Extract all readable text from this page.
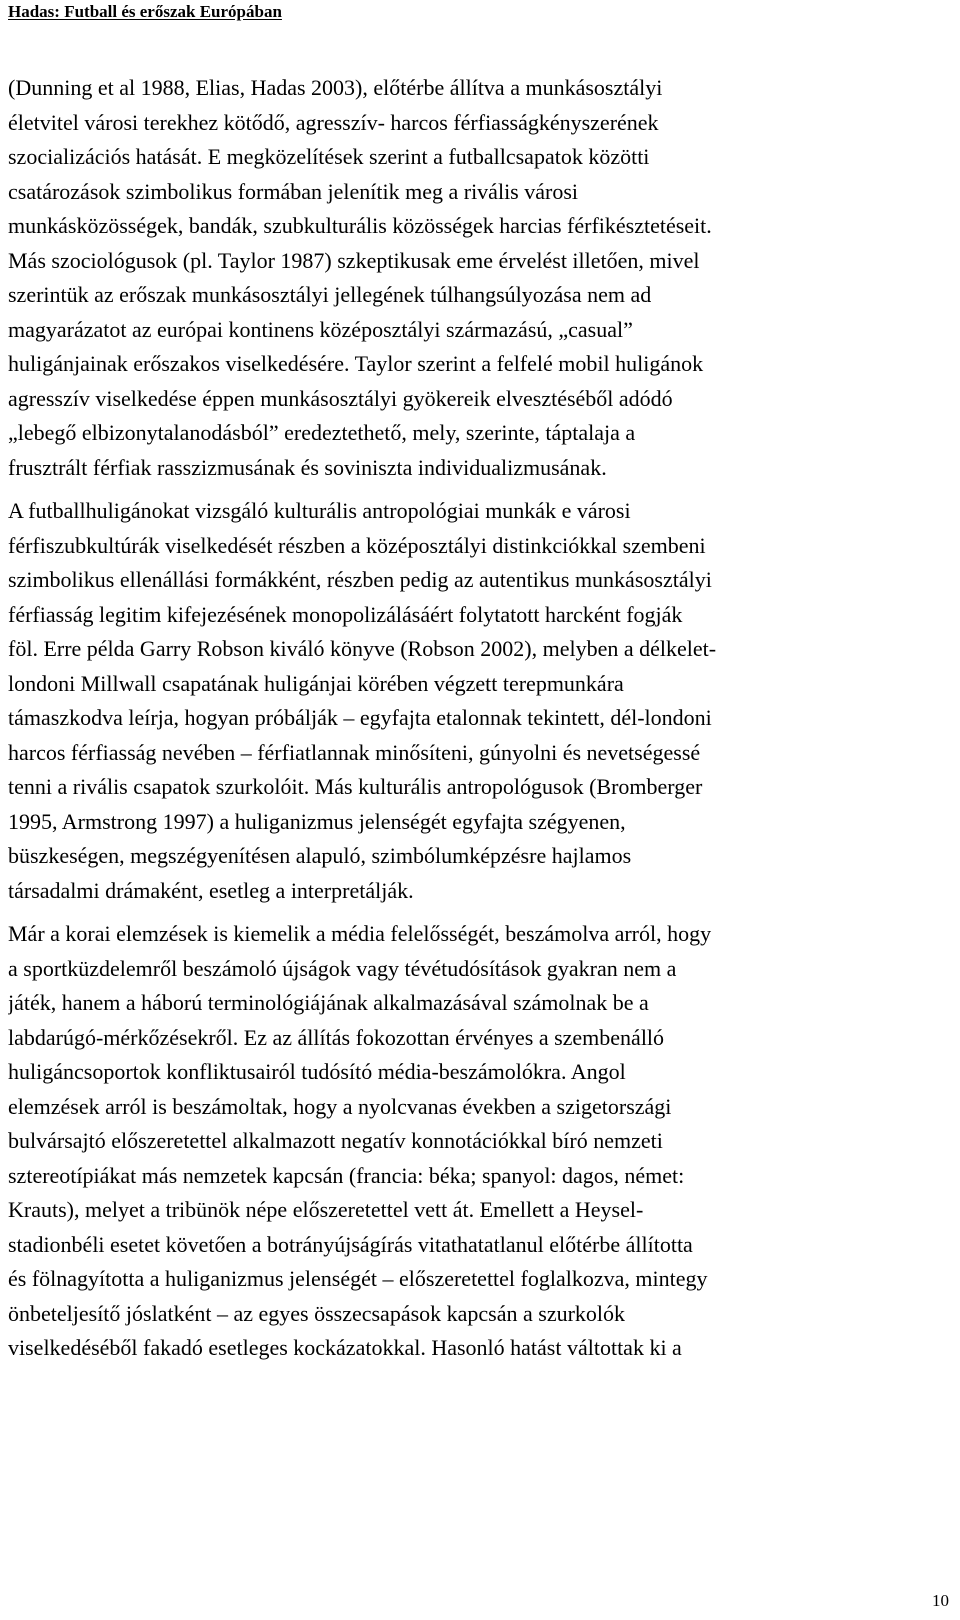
Hadas: Futball és erőszak Európában
(Dunning et al 1988, Elias, Hadas 2003), előtérbe állítva a munkásosztályi
életvitel városi terekhez kötődő, agresszív- harcos férfiasságkényszerének
szocializációs hatását. E megközelítések szerint a futballcsapatok közötti
csatározások szimbolikus formában jelenítik meg a rivális városi
munkásközösségek, bandák, szubkulturális közösségek harcias férfikésztetéseit.
Más szociológusok (pl. Taylor 1987) szkeptikusak eme érvelést illetően, mivel
szerintük az erőszak munkásosztályi jellegének túlhangsúlyozása nem ad
magyarázatot az európai kontinens középosztályi származású, „casual”
huligánjainak erőszakos viselkedésére. Taylor szerint a felfelé mobil huligánok
agresszív viselkedése éppen munkásosztályi gyökereik elvesztéséből adódó
„lebegő elbizonytalanodásból” eredeztethető, mely, szerinte, táptalaja a
frusztrált férfiak rasszizmusának és soviniszta individualizmusának.
A futballhuligánokat vizsgáló kulturális antropológiai munkák e városi
férfiszubkultúrák viselkedését részben a középosztályi distinkciókkal szembeni
szimbolikus ellenállási formákként, részben pedig az autentikus munkásosztályi
férfiasság legitim kifejezésének monopolizálásáért folytatott harcként fogják
föl. Erre példa Garry Robson kiváló könyve (Robson 2002), melyben a délkelet-
londoni Millwall csapatának huligánjai körében végzett terepmunkára
támaszkodva leírja, hogyan próbálják – egyfajta etalonnak tekintett, dél-londoni
harcos férfiasság nevében – férfiatlannak minősíteni, gúnyolni és nevetségessé
tenni a rivális csapatok szurkolóit. Más kulturális antropológusok (Bromberger
1995, Armstrong 1997) a huliganizmus jelenségét egyfajta szégyenen,
büszkeségen, megszégyenítésen alapuló, szimbólumképzésre hajlamos
társadalmi drámaként, esetleg a interpretálják.
Már a korai elemzések is kiemelik a média felelősségét, beszámolva arról, hogy
a sportküzdelemről beszámoló újságok vagy tévétudósítások gyakran nem a
játék, hanem a háború terminológiájának alkalmazásával számolnak be a
labdarúgó-mérkőzésekről. Ez az állítás fokozottan érvényes a szembenálló
huligáncsoportok konfliktusairól tudósító média-beszámolókra. Angol
elemzések arról is beszámoltak, hogy a nyolcvanas években a szigetországi
bulvársajtó előszeretettel alkalmazott negatív konnotációkkal bíró nemzeti
sztereotípiákat más nemzetek kapcsán (francia: béka; spanyol: dagos, német:
Krauts), melyet a tribünök népe előszeretettel vett át. Emellett a Heysel-
stadionbéli esetet követően a botrányújságírás vitathatatlanul előtérbe állította
és fölnagyította a huliganizmus jelenségét – előszeretettel foglalkozva, mintegy
önbeteljesítő jóslatként – az egyes összecsapások kapcsán a szurkolók
viselkedéséből fakadó esetleges kockázatokkal. Hasonló hatást váltottak ki a
10
